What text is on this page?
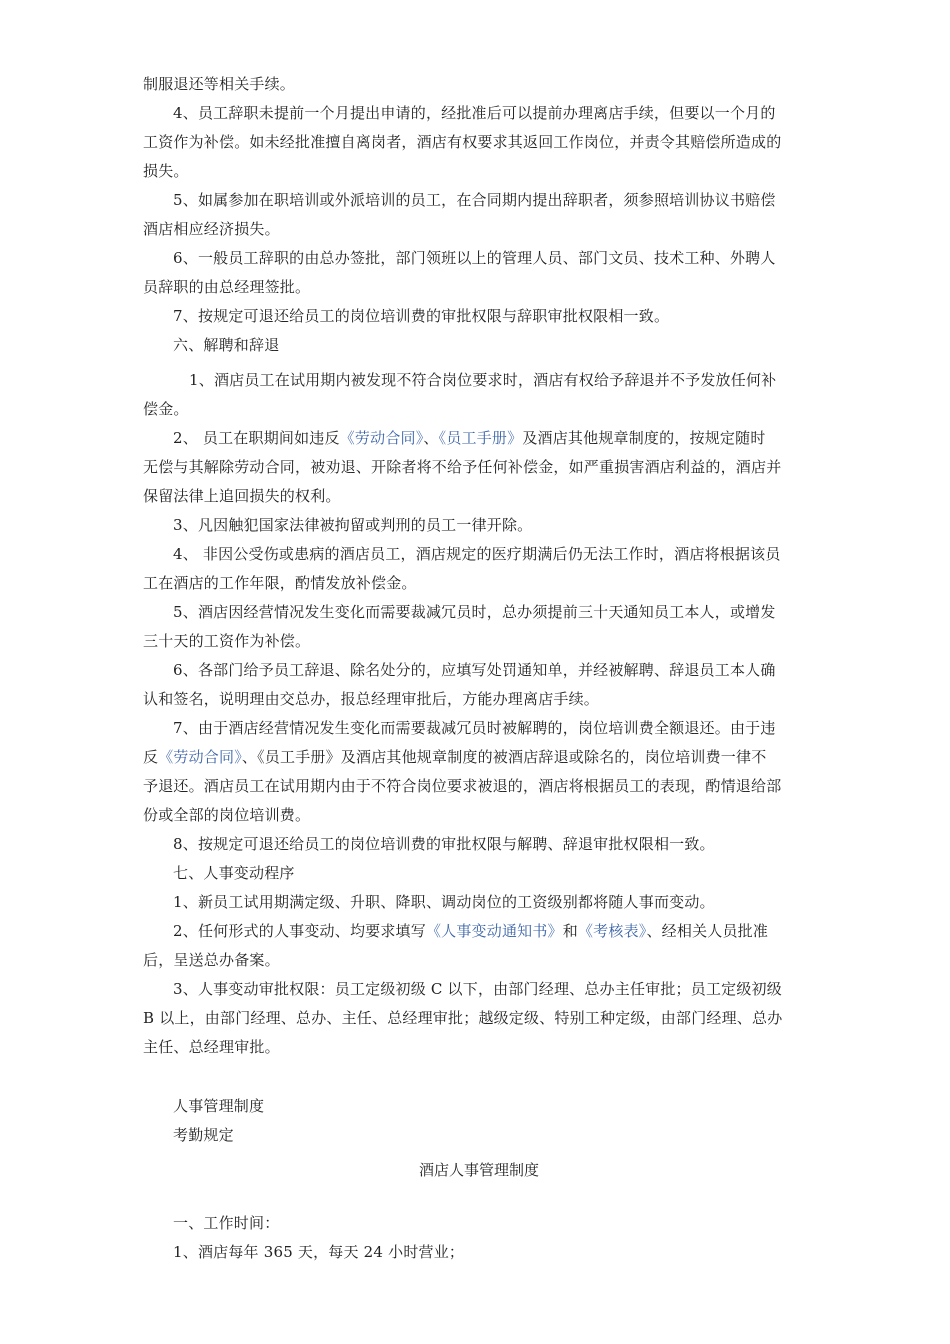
制服退还等相关手续。
4、员工辞职未提前一个月提出申请的，经批准后可以提前办理离店手续，但要以一个月的
工资作为补偿。如未经批准擅自离岗者，酒店有权要求其返回工作岗位，并责令其赔偿所造成的
损失。
5、如属参加在职培训或外派培训的员工，在合同期内提出辞职者，须参照培训协议书赔偿
酒店相应经济损失。
6、一般员工辞职的由总办签批，部门领班以上的管理人员、部门文员、技术工种、外聘人
员辞职的由总经理签批。
7、按规定可退还给员工的岗位培训费的审批权限与辞职审批权限相一致。
六、解聘和辞退
1、酒店员工在试用期内被发现不符合岗位要求时，酒店有权给予辞退并不予发放任何补
偿金。
2、 员工在职期间如违反《劳动合同》、《员工手册》及酒店其他规章制度的，按规定随时
无偿与其解除劳动合同，被劝退、开除者将不给予任何补偿金，如严重损害酒店利益的，酒店并
保留法律上追回损失的权利。
3、凡因触犯国家法律被拘留或判刑的员工一律开除。
4、 非因公受伤或患病的酒店员工，酒店规定的医疗期满后仍无法工作时，酒店将根据该员
工在酒店的工作年限，酌情发放补偿金。
5、酒店因经营情况发生变化而需要裁减冗员时，总办须提前三十天通知员工本人，或增发
三十天的工资作为补偿。
6、各部门给予员工辞退、除名处分的，应填写处罚通知单，并经被解聘、辞退员工本人确
认和签名，说明理由交总办，报总经理审批后，方能办理离店手续。
7、由于酒店经营情况发生变化而需要裁减冗员时被解聘的，岗位培训费全额退还。由于违
反《劳动合同》、《员工手册》及酒店其他规章制度的被酒店辞退或除名的，岗位培训费一律不
予退还。酒店员工在试用期内由于不符合岗位要求被退的，酒店将根据员工的表现，酌情退给部
份或全部的岗位培训费。
8、按规定可退还给员工的岗位培训费的审批权限与解聘、辞退审批权限相一致。
七、人事变动程序
1、新员工试用期满定级、升职、降职、调动岗位的工资级别都将随人事而变动。
2、任何形式的人事变动、均要求填写《人事变动通知书》和《考核表》、经相关人员批准
后，呈送总办备案。
3、人事变动审批权限：员工定级初级 C 以下，由部门经理、总办主任审批；员工定级初级
B 以上，由部门经理、总办、主任、总经理审批；越级定级、特别工种定级，由部门经理、总办
主任、总经理审批。
人事管理制度
考勤规定
酒店人事管理制度
一、工作时间：
1、酒店每年 365 天，每天 24 小时营业；
